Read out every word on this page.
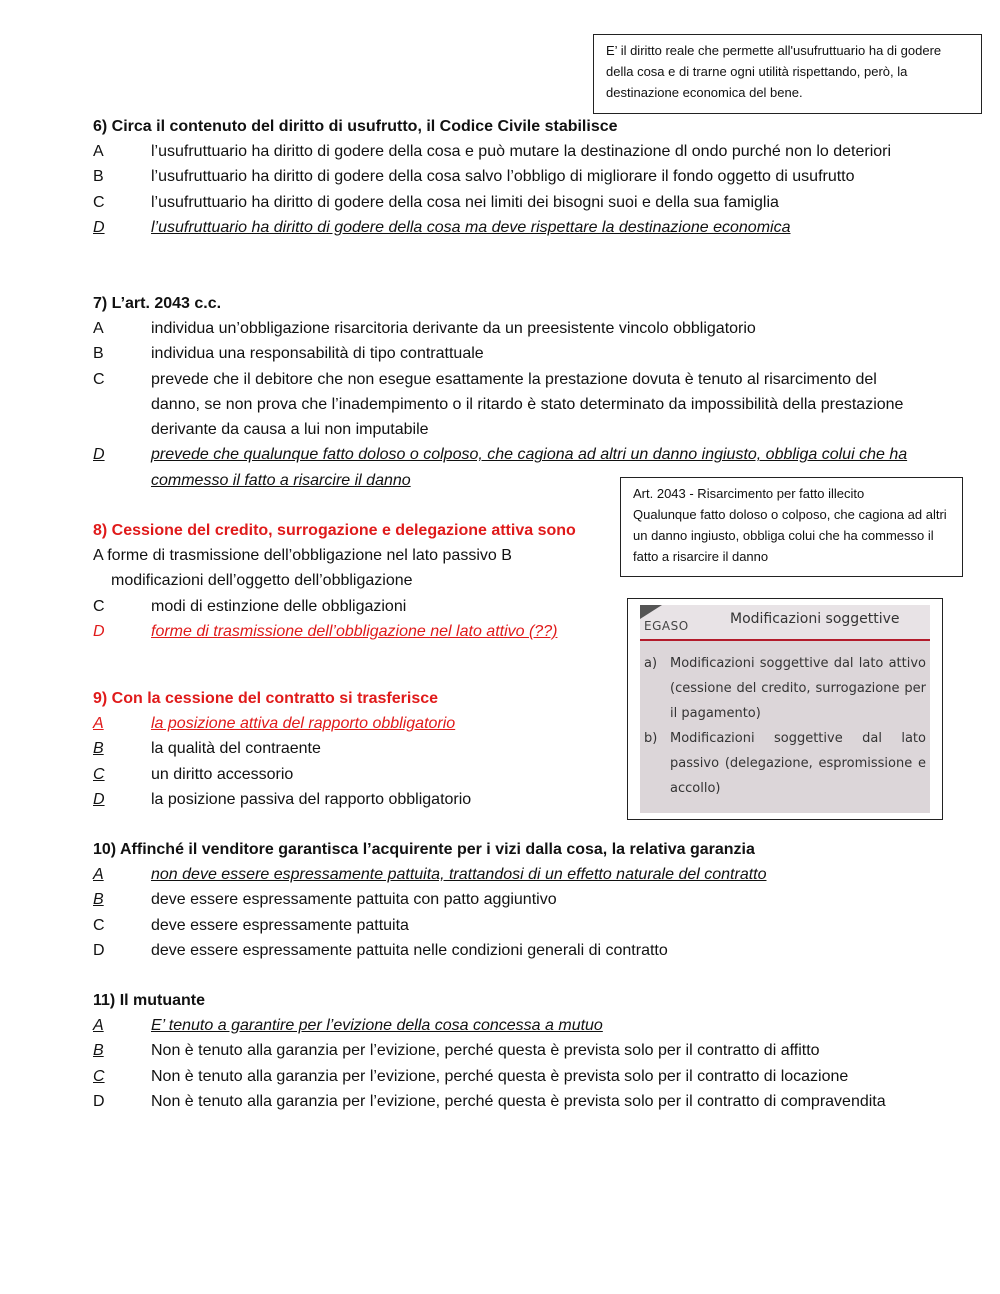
E’ il diritto reale che permette all'usufruttuario ha di godere della cosa e di trarne ogni utilità rispettando, però, la destinazione economica del bene.
Art. 2043 - Risarcimento per fatto illecito
Qualunque fatto doloso o colposo, che cagiona ad altri un danno ingiusto, obbliga colui che ha commesso il fatto a risarcire il danno
6) Circa il contenuto del diritto di usufrutto, il Codice Civile stabilisce
A	l’usufruttuario ha diritto di godere della cosa e può mutare la destinazione dl ondo purché non lo deteriori
B	l’usufruttuario ha diritto di godere della cosa salvo l’obbligo di migliorare il fondo oggetto di usufrutto
C	l’usufruttuario ha diritto di godere della cosa nei limiti dei bisogni suoi e della sua famiglia
D	l’usufruttuario ha diritto di godere della cosa ma deve rispettare la destinazione economica
7) L’art. 2043 c.c.
A	individua un’obbligazione risarcitoria derivante da un preesistente vincolo obbligatorio
B	individua una responsabilità di tipo contrattuale
C	prevede che il debitore che non esegue esattamente la prestazione dovuta è tenuto al risarcimento del danno, se non prova che l’inadempimento o il ritardo è stato determinato da impossibilità della prestazione derivante da causa a lui non imputabile
D	prevede che qualunque fatto doloso o colposo, che cagiona ad altri un danno ingiusto, obbliga colui che ha commesso il fatto a risarcire il danno
8) Cessione del credito, surrogazione e delegazione attiva sono
A forme di trasmissione dell’obbligazione nel lato passivo B
modificazioni dell’oggetto dell’obbligazione
C	modi di estinzione delle obbligazioni
D	forme di trasmissione dell’obbligazione nel lato attivo (??)	EGASO	Modificazioni soggettive
a) Modificazioni soggettive dal lato attivo (cessione del credito, surrogazione per il pagamento)
b) Modificazioni soggettive dal lato passivo (delegazione, espromissione e accollo)
9) Con la cessione del contratto si trasferisce
A	la posizione attiva del rapporto obbligatorio
B	la qualità del contraente
C	un diritto accessorio
D	la posizione passiva del rapporto obbligatorio
10) Affinché il venditore garantisca l’acquirente per i vizi dalla cosa, la relativa garanzia
A	non deve essere espressamente pattuita, trattandosi di un effetto naturale del contratto
B	deve essere espressamente pattuita con patto aggiuntivo
C	deve essere espressamente pattuita
D	deve essere espressamente pattuita nelle condizioni generali di contratto
11) Il mutuante
A	E’ tenuto a garantire per l’evizione della cosa concessa a mutuo
B	Non è tenuto alla garanzia per l’evizione, perché questa è prevista solo per il contratto di affitto
C	Non è tenuto alla garanzia per l’evizione, perché questa è prevista solo per il contratto di locazione
D	Non è tenuto alla garanzia per l’evizione, perché questa è prevista solo per il contratto di compravendita
